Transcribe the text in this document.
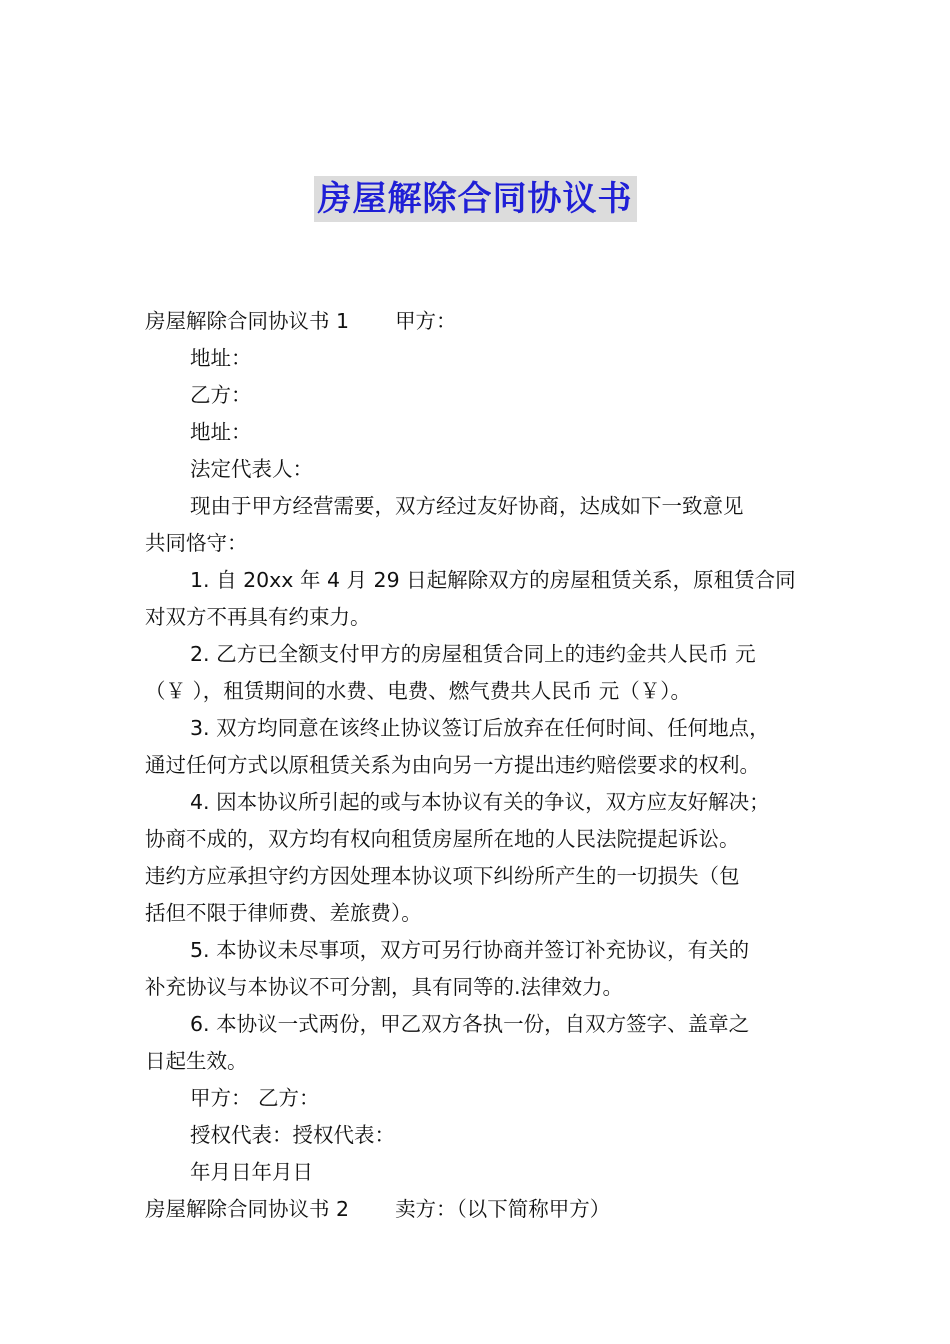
房屋解除合同协议书
房屋解除合同协议书 1 甲方：
地址：
乙方：
地址：
法定代表人：
现由于甲方经营需要，双方经过友好协商，达成如下一致意见
共同恪守：
1. 自 20xx 年 4 月 29 日起解除双方的房屋租赁关系，原租赁合同
对双方不再具有约束力。
2. 乙方已全额支付甲方的房屋租赁合同上的违约金共人民币 元
（￥ ），租赁期间的水费、电费、燃气费共人民币 元（￥）。
3. 双方均同意在该终止协议签订后放弃在任何时间、任何地点，
通过任何方式以原租赁关系为由向另一方提出违约赔偿要求的权利。
4. 因本协议所引起的或与本协议有关的争议，双方应友好解决；
协商不成的，双方均有权向租赁房屋所在地的人民法院提起诉讼。
违约方应承担守约方因处理本协议项下纠纷所产生的一切损失（包
括但不限于律师费、差旅费）。
5. 本协议未尽事项，双方可另行协商并签订补充协议，有关的
补充协议与本协议不可分割，具有同等的.法律效力。
6. 本协议一式两份，甲乙双方各执一份，自双方签字、盖章之
日起生效。
甲方： 乙方：
授权代表：授权代表：
年月日年月日
房屋解除合同协议书 2 卖方：（以下简称甲方）
